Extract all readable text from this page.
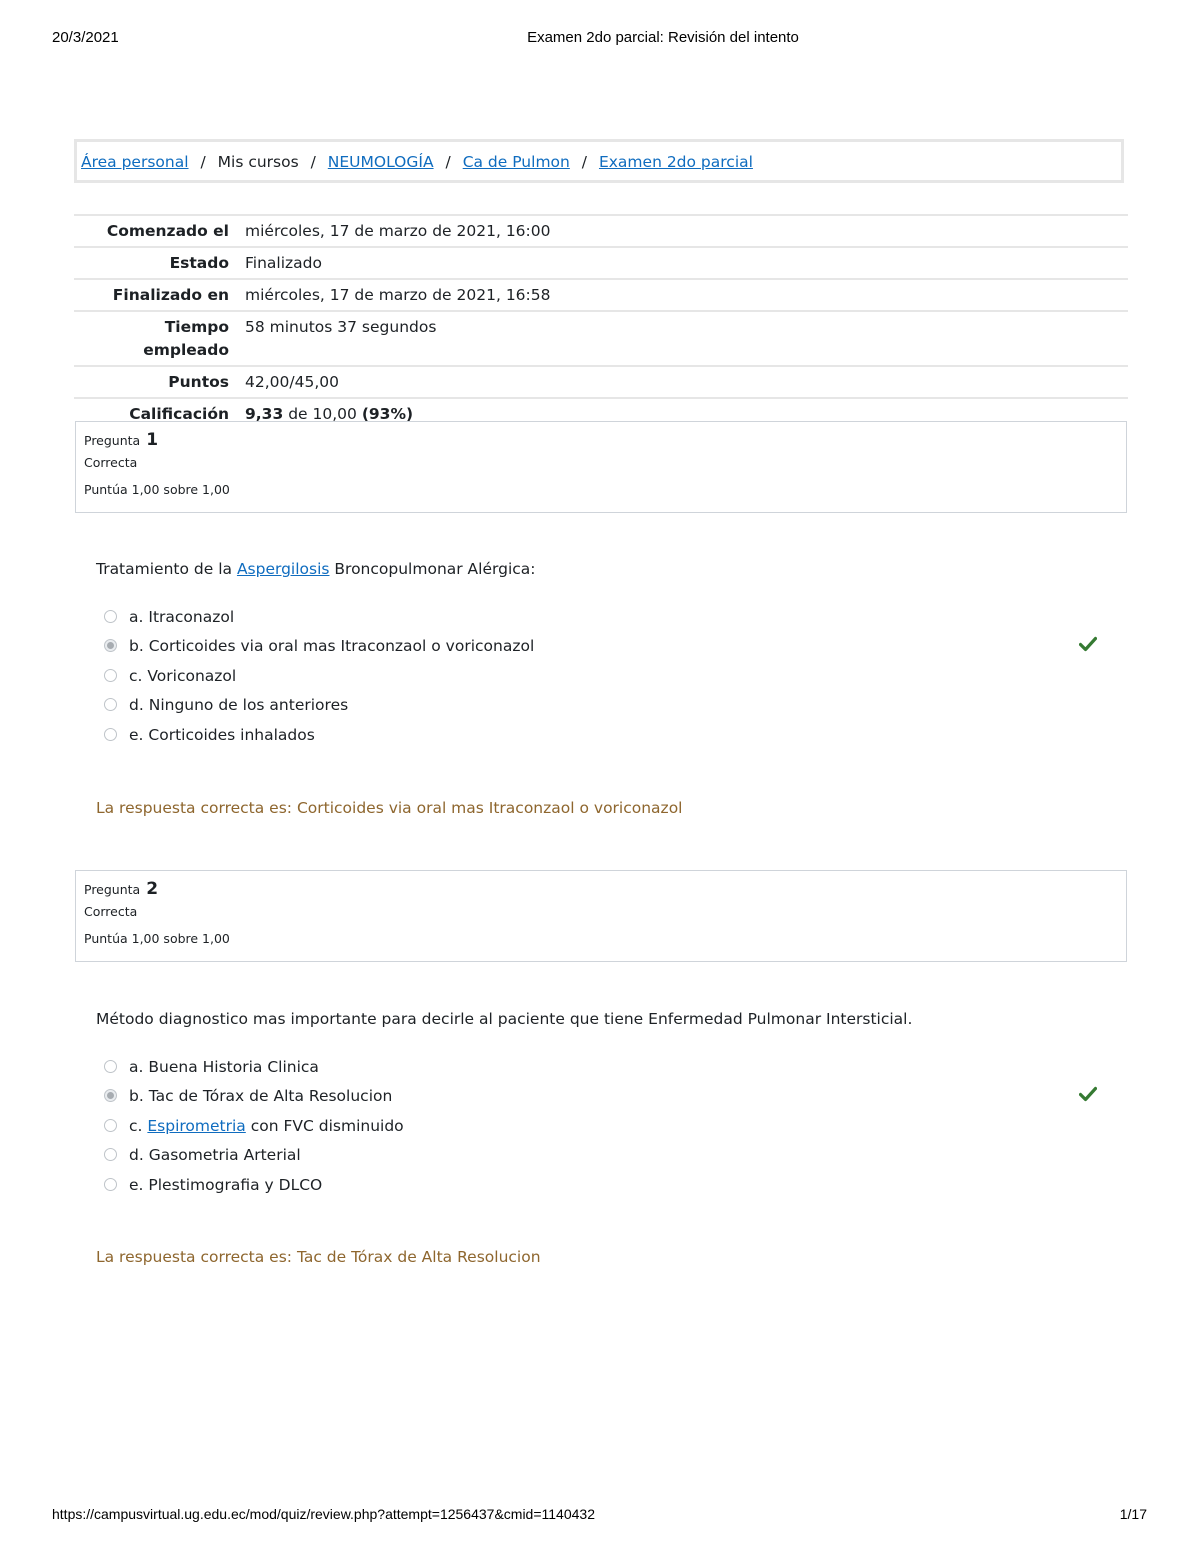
20/3/2021	Examen 2do parcial: Revisión del intento
Área personal / Mis cursos / NEUMOLOGÍA / Ca de Pulmon / Examen 2do parcial
Comenzado el	miércoles, 17 de marzo de 2021, 16:00
Estado	Finalizado
Finalizado en	miércoles, 17 de marzo de 2021, 16:58
Tiempo empleado	58 minutos 37 segundos
Puntos	42,00/45,00
Calificación	9,33 de 10,00 (93%)
Pregunta 1
Correcta
Puntúa 1,00 sobre 1,00
Tratamiento de la Aspergilosis Broncopulmonar Alérgica:
a. Itraconazol
b. Corticoides via oral mas Itraconzaol o voriconazol
c. Voriconazol
d. Ninguno de los anteriores
e. Corticoides inhalados
La respuesta correcta es: Corticoides via oral mas Itraconzaol o voriconazol
Pregunta 2
Correcta
Puntúa 1,00 sobre 1,00
Método diagnostico mas importante para decirle al paciente que tiene Enfermedad Pulmonar Intersticial.
a. Buena Historia Clinica
b. Tac de Tórax de Alta Resolucion
c. Espirometria con FVC disminuido
d. Gasometria Arterial
e. Plestimografia y DLCO
La respuesta correcta es: Tac de Tórax de Alta Resolucion
https://campusvirtual.ug.edu.ec/mod/quiz/review.php?attempt=1256437&cmid=1140432	1/17
